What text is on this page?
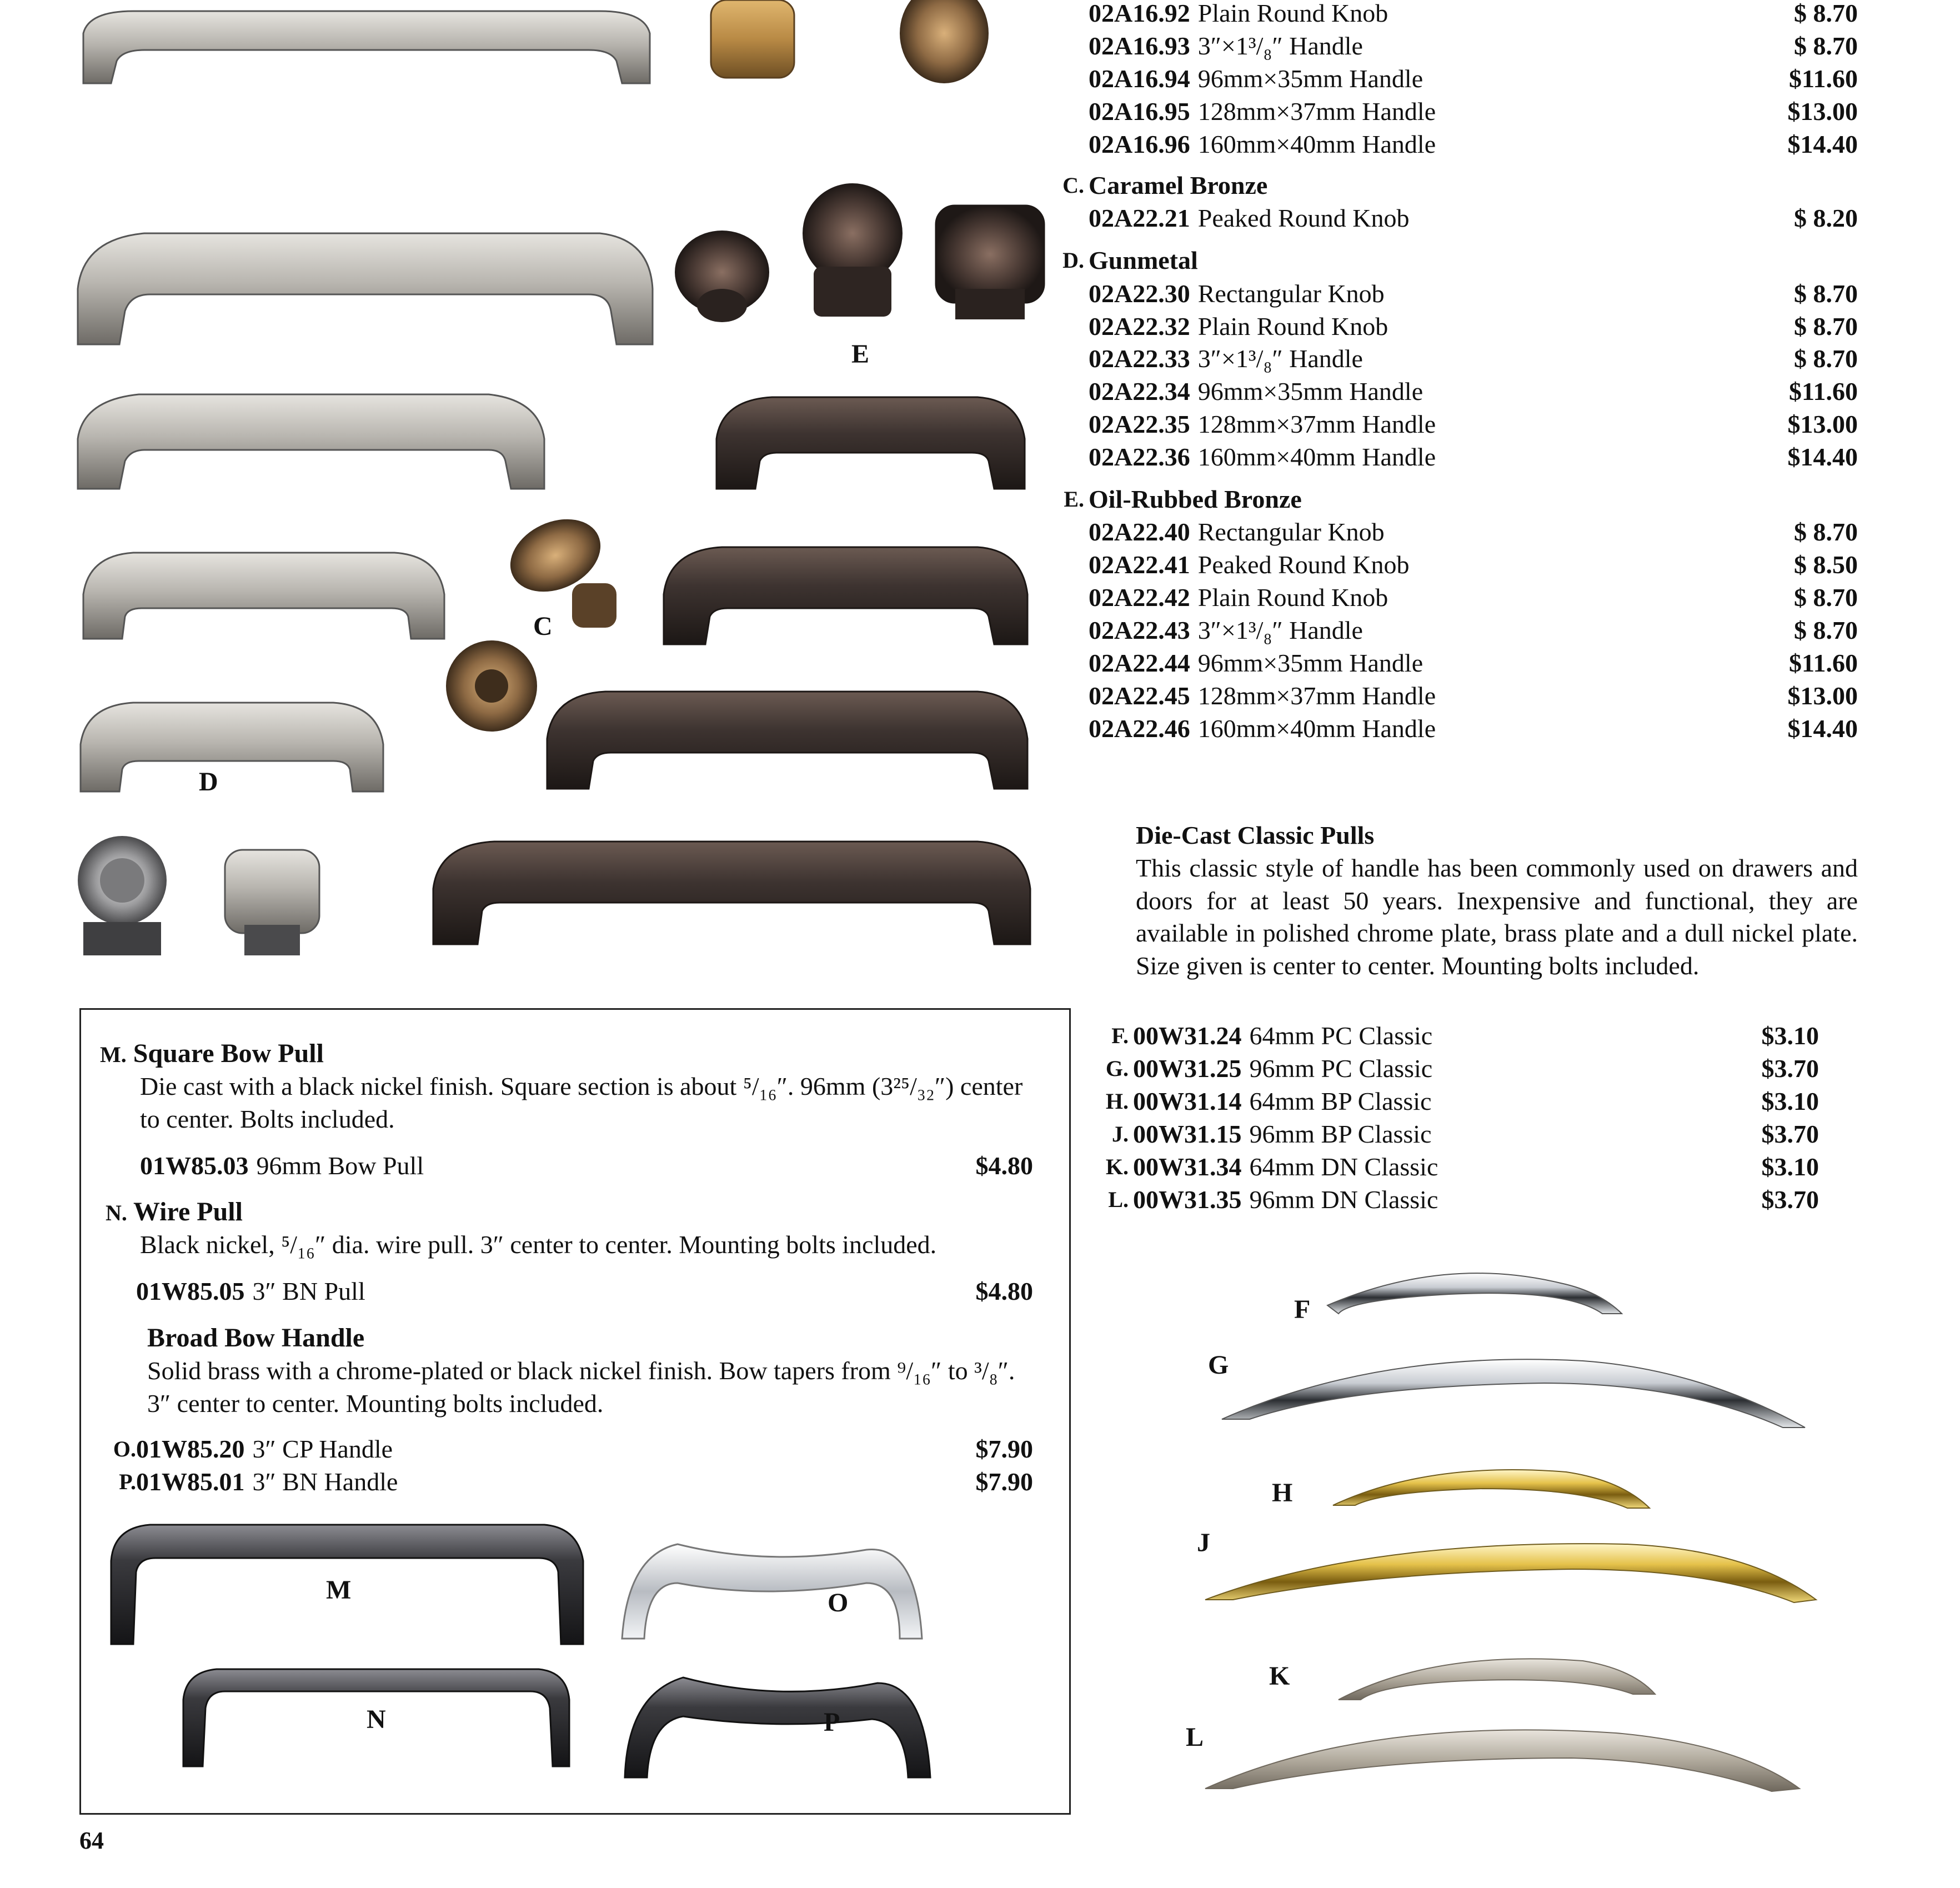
E
C
D
02A16.92 Plain Round Knob	$ 8.70
02A16.93 3″×1³/₈″ Handle	$ 8.70
02A16.94 96mm×35mm Handle	$11.60
02A16.95 128mm×37mm Handle	$13.00
02A16.96 160mm×40mm Handle	$14.40
C. Caramel Bronze
02A22.21 Peaked Round Knob	$ 8.20
D. Gunmetal
02A22.30 Rectangular Knob	$ 8.70
02A22.32 Plain Round Knob	$ 8.70
02A22.33 3″×1³/₈″ Handle	$ 8.70
02A22.34 96mm×35mm Handle	$11.60
02A22.35 128mm×37mm Handle	$13.00
02A22.36 160mm×40mm Handle	$14.40
E. Oil-Rubbed Bronze
02A22.40 Rectangular Knob	$ 8.70
02A22.41 Peaked Round Knob	$ 8.50
02A22.42 Plain Round Knob	$ 8.70
02A22.43 3″×1³/₈″ Handle	$ 8.70
02A22.44 96mm×35mm Handle	$11.60
02A22.45 128mm×37mm Handle	$13.00
02A22.46 160mm×40mm Handle	$14.40
Die-Cast Classic Pulls
This classic style of handle has been commonly used on drawers and doors for at least 50 years. Inexpensive and functional, they are available in polished chrome plate, brass plate and a dull nickel plate. Size given is center to center. Mounting bolts included.
F. 00W31.24 64mm PC Classic	$3.10
G. 00W31.25 96mm PC Classic	$3.70
H. 00W31.14 64mm BP Classic	$3.10
J. 00W31.15 96mm BP Classic	$3.70
K. 00W31.34 64mm DN Classic	$3.10
L. 00W31.35 96mm DN Classic	$3.70
F
G
H
J
K
L
M. Square Bow Pull
Die cast with a black nickel finish. Square section is about ⁵/₁₆″. 96mm (3²⁵/₃₂″) center to center. Bolts included.
01W85.03 96mm Bow Pull	$4.80
N. Wire Pull
Black nickel, ⁵/₁₆″ dia. wire pull. 3″ center to center. Mounting bolts included.
01W85.05 3″ BN Pull	$4.80
Broad Bow Handle
Solid brass with a chrome-plated or black nickel finish. Bow tapers from ⁹/₁₆″ to ³/₈″. 3″ center to center. Mounting bolts included.
O. 01W85.20 3″ CP Handle	$7.90
P. 01W85.01 3″ BN Handle	$7.90
M	O
N	P
64
